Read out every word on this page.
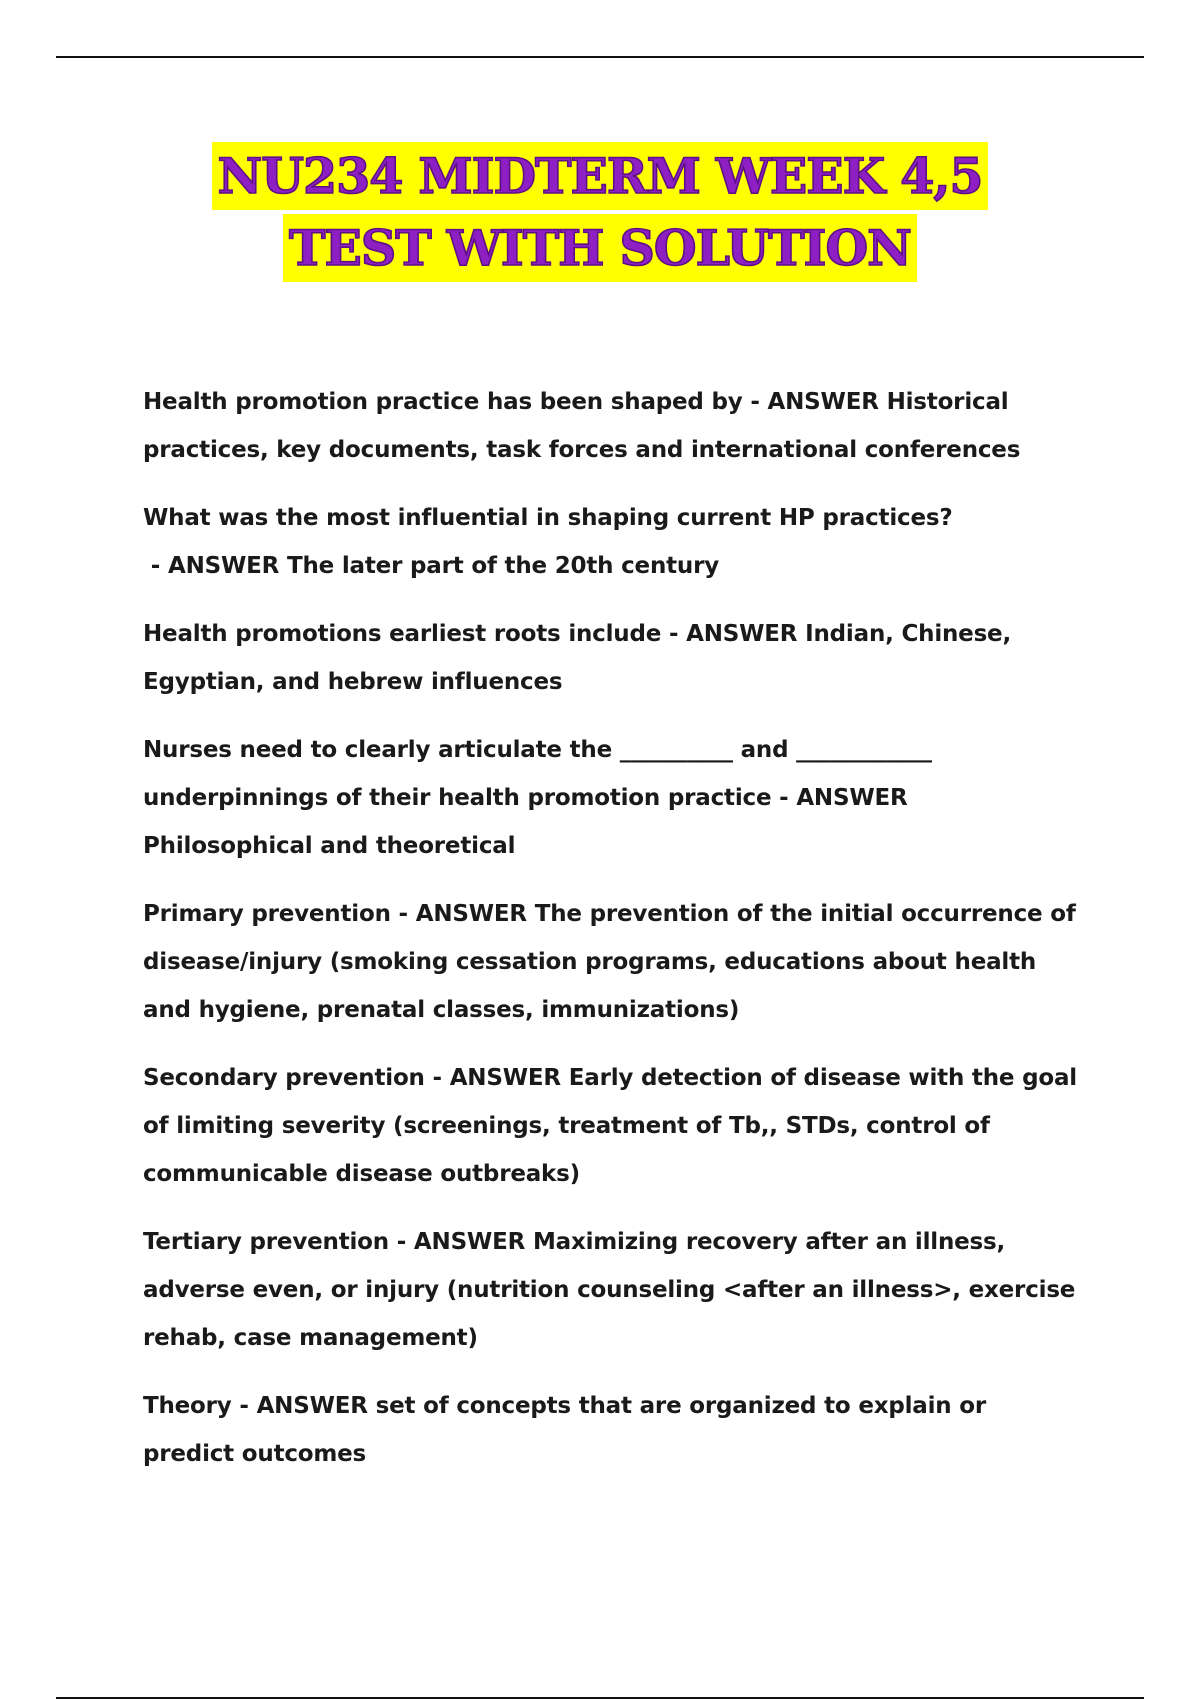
NU234 MIDTERM WEEK 4,5
TEST WITH SOLUTION

Health promotion practice has been shaped by - ANSWER Historical practices, key documents, task forces and international conferences

What was the most influential in shaping current HP practices? - ANSWER The later part of the 20th century

Health promotions earliest roots include - ANSWER Indian, Chinese, Egyptian, and hebrew influences

Nurses need to clearly articulate the __________ and ____________ underpinnings of their health promotion practice - ANSWER Philosophical and theoretical

Primary prevention - ANSWER The prevention of the initial occurrence of disease/injury (smoking cessation programs, educations about health and hygiene, prenatal classes, immunizations)

Secondary prevention - ANSWER Early detection of disease with the goal of limiting severity (screenings, treatment of Tb,, STDs, control of communicable disease outbreaks)

Tertiary prevention - ANSWER Maximizing recovery after an illness, adverse even, or injury (nutrition counseling <after an illness>, exercise rehab, case management)

Theory - ANSWER set of concepts that are organized to explain or predict outcomes
